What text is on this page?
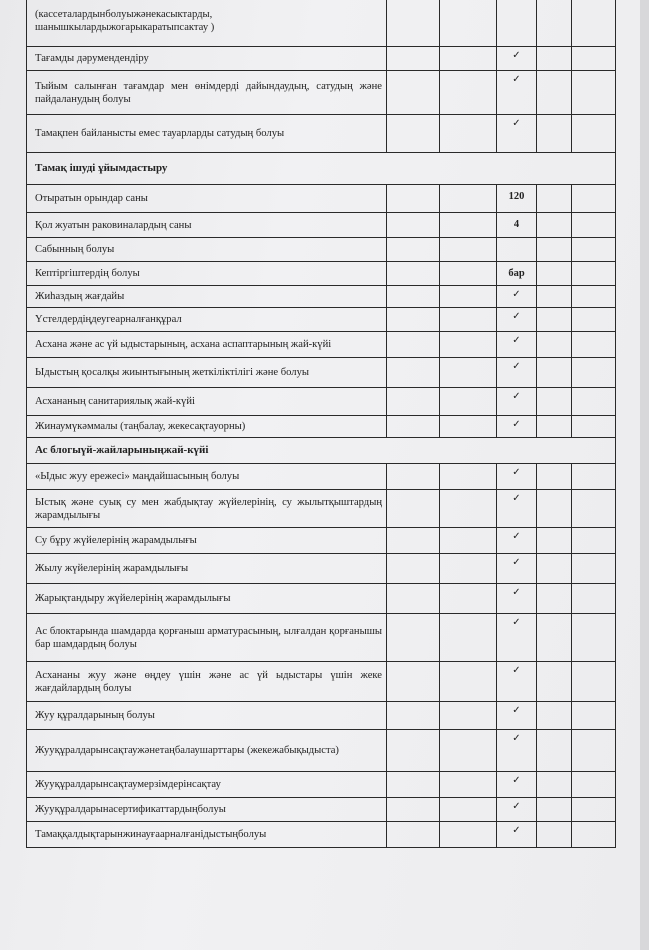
(кассеталардынболуыжәнекасыктарды, шанышкылардыжогарыкаратыпсактау )					
Тағамды дәрумендендіру			✓		
Тыйым салынған тағамдар мен өнімдерді дайындаудың, сатудың және пайдаланудың болуы			✓		
Тамақпен байланысты емес тауарларды сатудың болуы			✓		
Тамақ ішуді ұйымдастыру					
Отыратын орындар саны			120		
Қол жуатын раковиналардың саны			4		
Сабынның болуы					
Кептіргіштердің болуы			бар		
Жиһаздың жағдайы			✓		
Үстелдердіңдеугеарналғанқұрал			✓		
Асхана және ас үй ыдыстарының, асхана аспаптарының жай-күйі			✓		
Ыдыстың қосалқы жиынтығының жеткіліктілігі және болуы			✓		
Асхананың санитариялық жай-күйі			✓		
Жинаумүкәммалы (таңбалау, жекесақтауорны)			✓		
Ас блогыүй-жайларыныңжай-күйі					
«Ыдыс жуу ережесі» маңдайшасының болуы			✓		
Ыстық және суық су мен жабдықтау жүйелерінің, су жылытқыштардың жарамдылығы			✓		
Су бұру жүйелерінің жарамдылығы			✓		
Жылу жүйелерінің жарамдылығы			✓		
Жарықтандыру жүйелерінің жарамдылығы			✓		
Ас блоктарында шамдарда қорғаныш арматурасының, ылғалдан қорғанышы бар шамдардың болуы			✓		
Асхананы жуу және өңдеу үшін және ас үй ыдыстары үшін жеке жағдайлардың болуы			✓		
Жуу құралдарының болуы			✓		
Жууқұралдарынсақтаужәнетаңбалаушарттары (жекежабықыдыста)			✓		
Жууқұралдарынсақтаумерзімдерінсақтау			✓		
Жууқұралдарынасертификаттардыңболуы			✓		
Тамаққалдықтарынжинауғаарналғанідыстыңболуы			✓		
